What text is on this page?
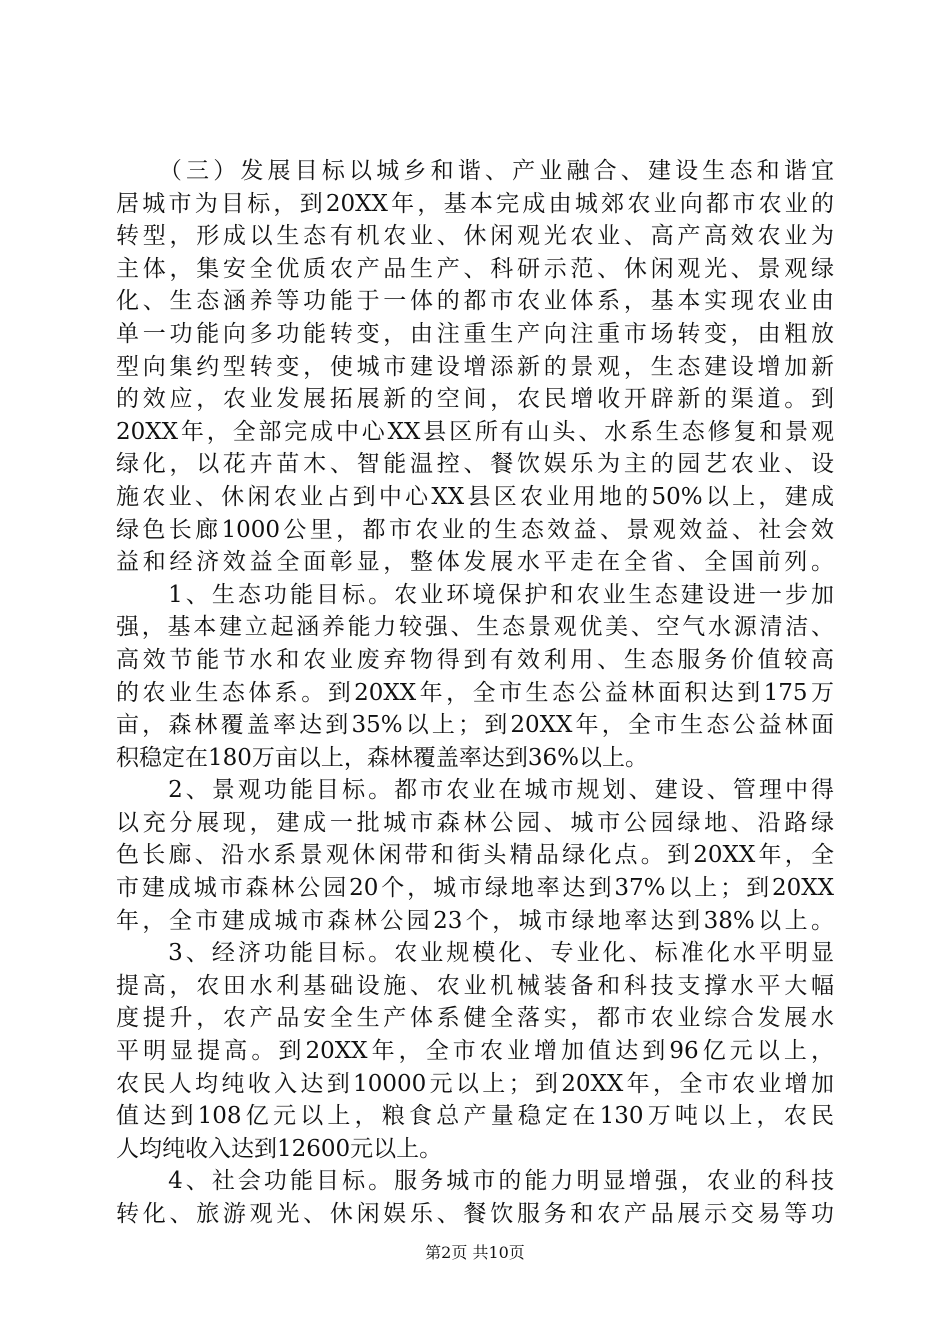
　　（三）发展目标以城乡和谐、产业融合、建设生态和谐宜
居城市为目标，到20XX年，基本完成由城郊农业向都市农业的
转型，形成以生态有机农业、休闲观光农业、高产高效农业为
主体，集安全优质农产品生产、科研示范、休闲观光、景观绿
化、生态涵养等功能于一体的都市农业体系，基本实现农业由
单一功能向多功能转变，由注重生产向注重市场转变，由粗放
型向集约型转变，使城市建设增添新的景观，生态建设增加新
的效应，农业发展拓展新的空间，农民增收开辟新的渠道。到
20XX年，全部完成中心XX县区所有山头、水系生态修复和景观
绿化，以花卉苗木、智能温控、餐饮娱乐为主的园艺农业、设
施农业、休闲农业占到中心XX县区农业用地的50%以上，建成
绿色长廊1000公里，都市农业的生态效益、景观效益、社会效
益和经济效益全面彰显，整体发展水平走在全省、全国前列。
　　1、生态功能目标。农业环境保护和农业生态建设进一步加
强，基本建立起涵养能力较强、生态景观优美、空气水源清洁、
高效节能节水和农业废弃物得到有效利用、生态服务价值较高
的农业生态体系。到20XX年，全市生态公益林面积达到175万
亩，森林覆盖率达到35%以上；到20XX年，全市生态公益林面
积稳定在180万亩以上，森林覆盖率达到36%以上。
　　2、景观功能目标。都市农业在城市规划、建设、管理中得
以充分展现，建成一批城市森林公园、城市公园绿地、沿路绿
色长廊、沿水系景观休闲带和街头精品绿化点。到20XX年，全
市建成城市森林公园20个，城市绿地率达到37%以上；到20XX
年，全市建成城市森林公园23个，城市绿地率达到38%以上。
　　3、经济功能目标。农业规模化、专业化、标准化水平明显
提高，农田水利基础设施、农业机械装备和科技支撑水平大幅
度提升，农产品安全生产体系健全落实，都市农业综合发展水
平明显提高。到20XX年，全市农业增加值达到96亿元以上，
农民人均纯收入达到10000元以上；到20XX年，全市农业增加
值达到108亿元以上，粮食总产量稳定在130万吨以上，农民
人均纯收入达到12600元以上。
　　4、社会功能目标。服务城市的能力明显增强，农业的科技
转化、旅游观光、休闲娱乐、餐饮服务和农产品展示交易等功
第2页 共10页
